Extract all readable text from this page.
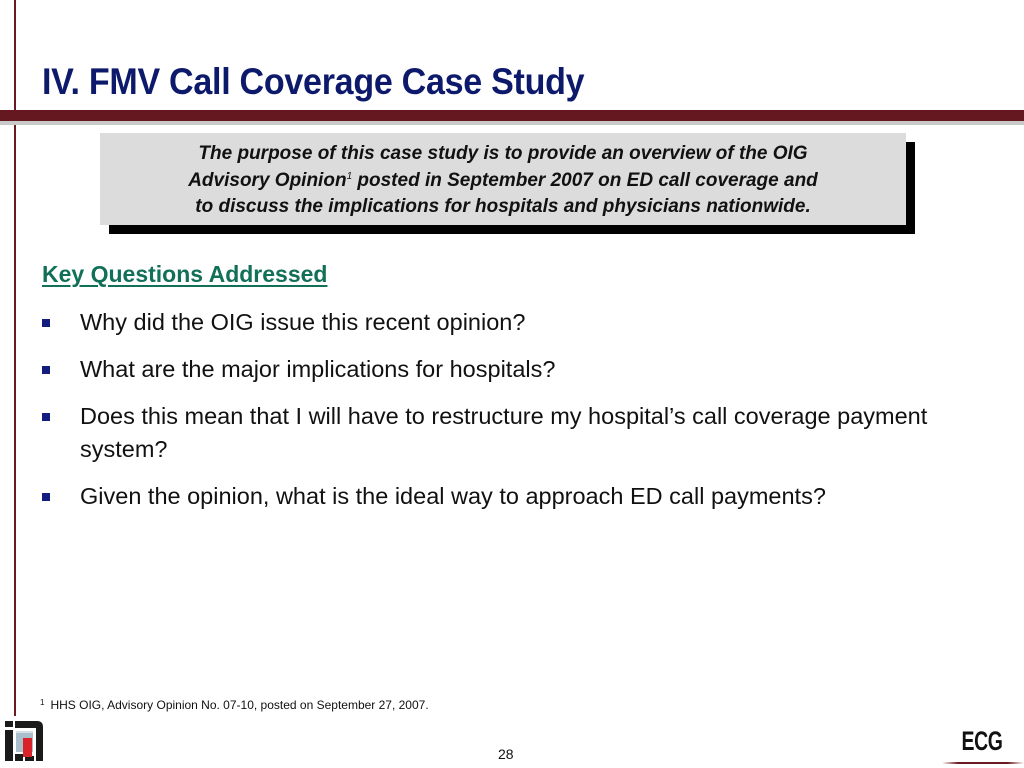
IV. FMV Call Coverage Case Study
The purpose of this case study is to provide an overview of the OIG
Advisory Opinion$^1$ posted in September 2007 on ED call coverage and
to discuss the implications for hospitals and physicians nationwide.
Key Questions Addressed
Why did the OIG issue this recent opinion?
What are the major implications for hospitals?
Does this mean that I will have to restructure my hospital’s call coverage payment system?
Given the opinion, what is the ideal way to approach ED call payments?
$^1$ HHS OIG, Advisory Opinion No. 07-10, posted on September 27, 2007.
28	ECG
